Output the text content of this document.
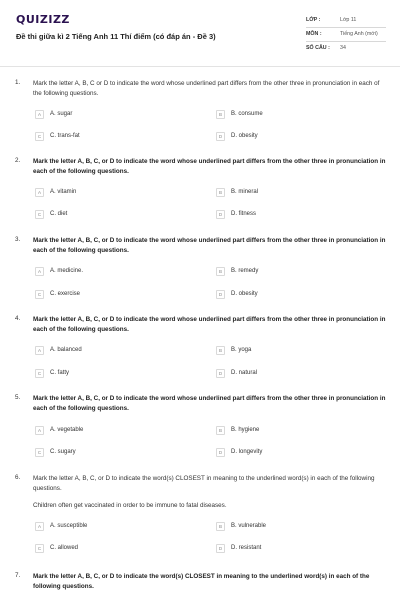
QUIZIZZ
Đề thi giữa kì 2 Tiếng Anh 11 Thí điểm (có đáp án - Đề 3)
LỚP :	Lớp 11
MÔN :	Tiếng Anh (mới)
SỐ CÂU : 34
1. Mark the letter A, B, C or D to indicate the word whose underlined part differs from the other three in pronunciation in each of the following questions.
A	A. sugar	B	B. consume
C	C. trans-fat	D	D. obesity
2. Mark the letter A, B, C, or D to indicate the word whose underlined part differs from the other three in pronunciation in each of the following questions.
A	A. vitamin	B	B. mineral
C	C. diet	D	D. fitness
3. Mark the letter A, B, C, or D to indicate the word whose underlined part differs from the other three in pronunciation in each of the following questions.
A	A. medicine.	B	B. remedy
C	C. exercise	D	D. obesity
4. Mark the letter A, B, C, or D to indicate the word whose underlined part differs from the other three in pronunciation in each of the following questions.
A	A. balanced	B	B. yoga
C	C. fatty	D	D. natural
5. Mark the letter A, B, C, or D to indicate the word whose underlined part differs from the other three in pronunciation in each of the following questions.
A	A. vegetable	B	B. hygiene
C	C. sugary	D	D. longevity
6. Mark the letter A, B, C, or D to indicate the word(s) CLOSEST in meaning to the underlined word(s) in each of the following questions.
Children often get vaccinated in order to be immune to fatal diseases.
A	A. susceptible	B	B. vulnerable
C	C. allowed	D	D. resistant
7. Mark the letter A, B, C, or D to indicate the word(s) CLOSEST in meaning to the underlined word(s) in each of the following questions.
